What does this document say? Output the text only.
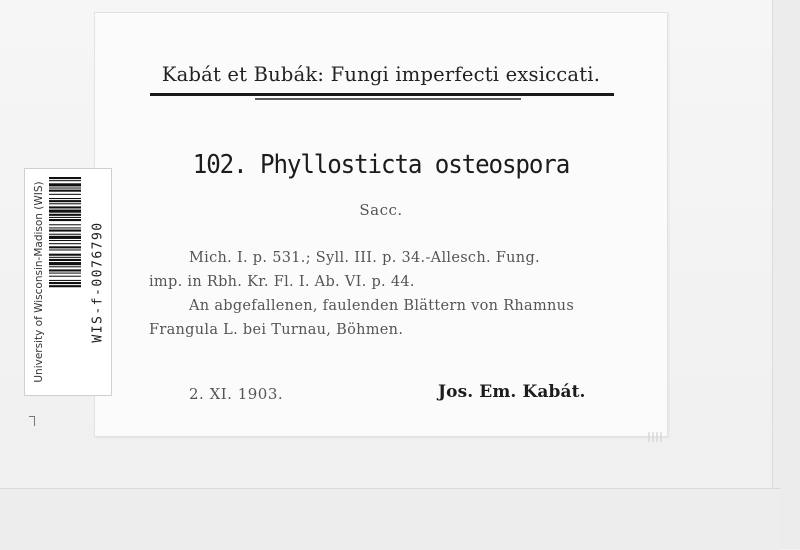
Kabát et Bubák: Fungi imperfecti exsiccati.
102. Phyllosticta osteospora
Sacc.
Mich. I. p. 531.; Syll. III. p. 34.-Allesch. Fung.
imp. in Rbh. Kr. Fl. I. Ab. VI. p. 44.
An abgefallenen, faulenden Blättern von Rhamnus
Frangula L. bei Turnau, Böhmen.
2. XI. 1903.	Jos. Em. Kabát.
University of Wisconsin-Madison (WIS)	WIS-f-0076790
